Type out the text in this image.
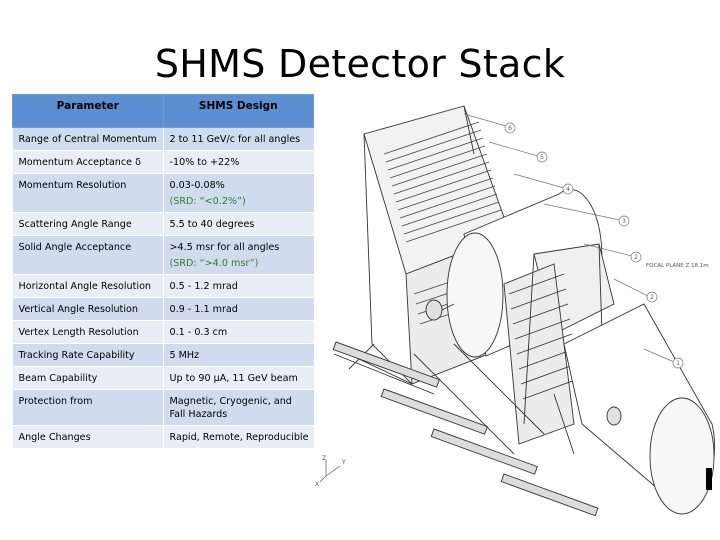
SHMS Detector Stack
Parameter	SHMS Design
Range of Central Momentum	2 to 11 GeV/c for all angles
Momentum Acceptance δ	-10% to +22%
Momentum Resolution	0.03-0.08%
(SRD: “<0.2%”)

Scattering Angle Range	5.5 to 40 degrees
Solid Angle Acceptance	>4.5 msr for all angles
(SRD: “>4.0 msr”)

Horizontal Angle Resolution	0.5 - 1.2 mrad
Vertical Angle Resolution	0.9 - 1.1 mrad
Vertex Length Resolution	0.1 - 0.3 cm
Tracking Rate Capability	5 MHz
Beam Capability	Up to 90 µA, 11 GeV beam
Protection from	Magnetic, Cryogenic, and Fall Hazards
Angle Changes	Rapid, Remote, Reproducible
6
5
4
3
2
2
1
FOCAL PLANE Z 18.1m
Z
Y
X
